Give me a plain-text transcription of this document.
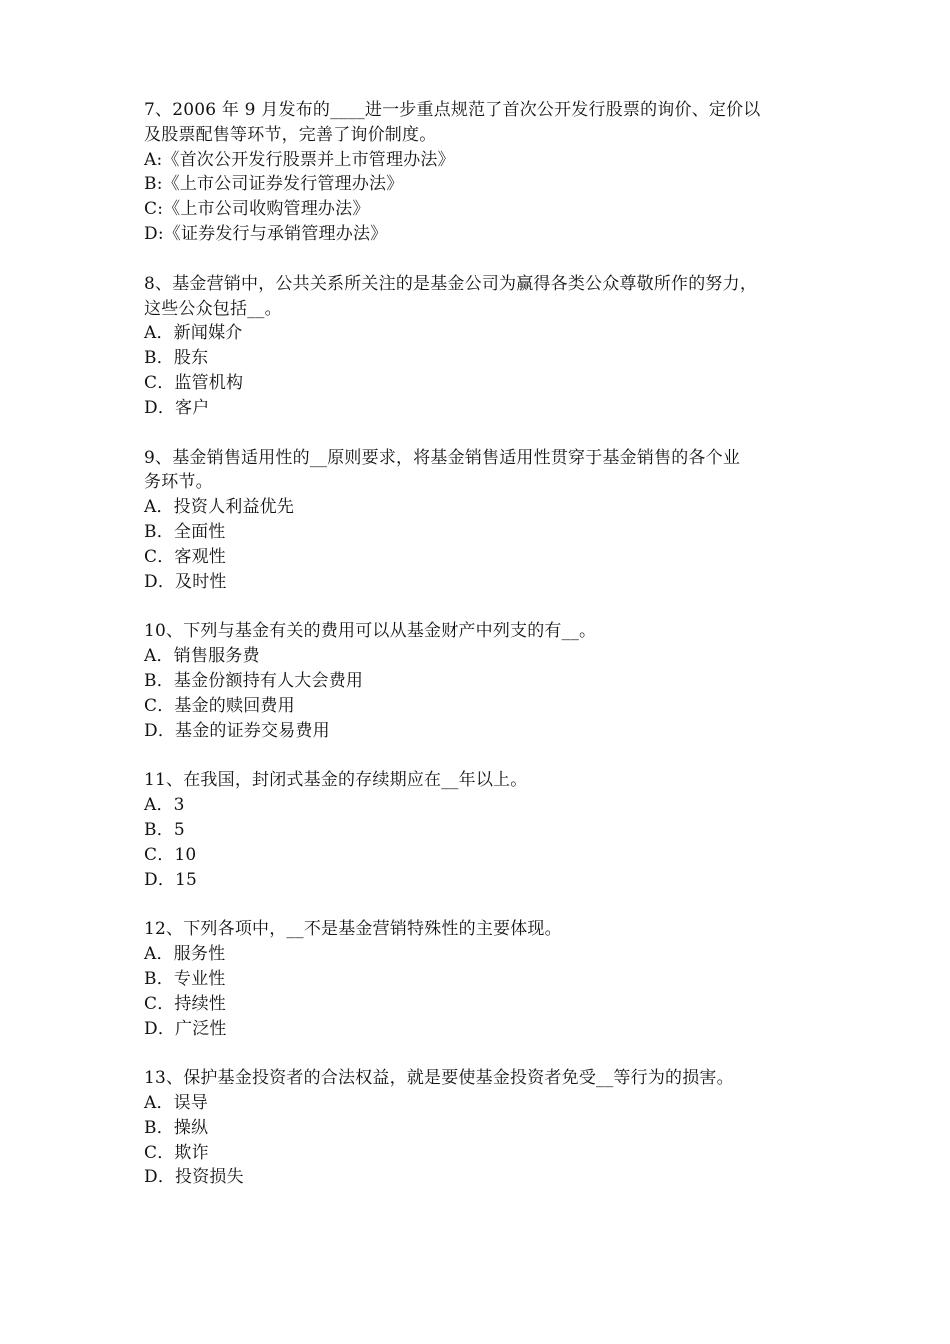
7、2006 年 9 月发布的____进一步重点规范了首次公开发行股票的询价、定价以
及股票配售等环节，完善了询价制度。
A:《首次公开发行股票并上市管理办法》
B:《上市公司证券发行管理办法》
C:《上市公司收购管理办法》
D:《证券发行与承销管理办法》
8、基金营销中，公共关系所关注的是基金公司为赢得各类公众尊敬所作的努力，
这些公众包括__。
A．新闻媒介
B．股东
C．监管机构
D．客户
9、基金销售适用性的__原则要求，将基金销售适用性贯穿于基金销售的各个业
务环节。
A．投资人利益优先
B．全面性
C．客观性
D．及时性
10、下列与基金有关的费用可以从基金财产中列支的有__。
A．销售服务费
B．基金份额持有人大会费用
C．基金的赎回费用
D．基金的证券交易费用
11、在我国，封闭式基金的存续期应在__年以上。
A．3
B．5
C．10
D．15
12、下列各项中，__不是基金营销特殊性的主要体现。
A．服务性
B．专业性
C．持续性
D．广泛性
13、保护基金投资者的合法权益，就是要使基金投资者免受__等行为的损害。
A．误导
B．操纵
C．欺诈
D．投资损失
